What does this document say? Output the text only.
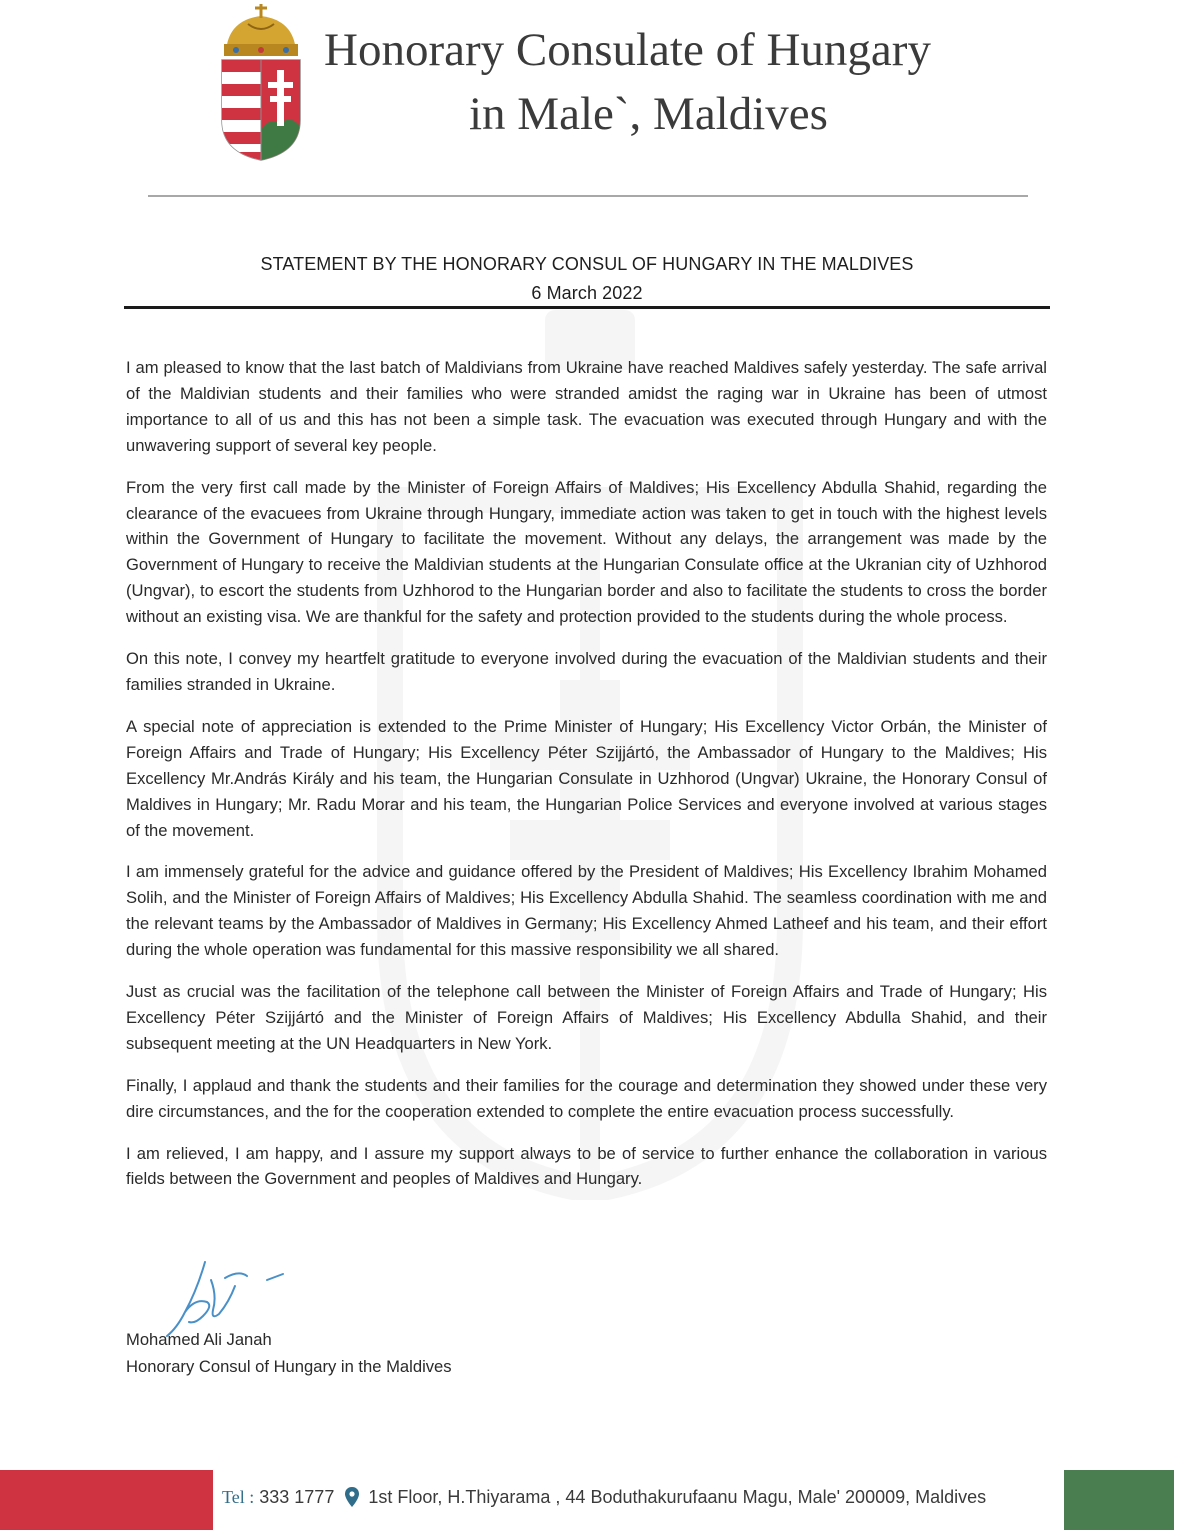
Honorary Consulate of Hungary
in Male`, Maldives
STATEMENT BY THE HONORARY CONSUL OF HUNGARY IN THE MALDIVES
6 March 2022

I am pleased to know that the last batch of Maldivians from Ukraine have reached Maldives safely yesterday. The safe arrival of the Maldivian students and their families who were stranded amidst the raging war in Ukraine has been of utmost importance to all of us and this has not been a simple task. The evacuation was executed through Hungary and with the unwavering support of several key people.

From the very first call made by the Minister of Foreign Affairs of Maldives; His Excellency Abdulla Shahid, regarding the clearance of the evacuees from Ukraine through Hungary, immediate action was taken to get in touch with the highest levels within the Government of Hungary to facilitate the movement. Without any delays, the arrangement was made by the Government of Hungary to receive the Maldivian students at the Hungarian Consulate office at the Ukranian city of Uzhhorod (Ungvar), to escort the students from Uzhhorod to the Hungarian border and also to facilitate the students to cross the border without an existing visa. We are thankful for the safety and protection provided to the students during the whole process.

On this note, I convey my heartfelt gratitude to everyone involved during the evacuation of the Maldivian students and their families stranded in Ukraine.

A special note of appreciation is extended to the Prime Minister of Hungary; His Excellency Victor Orbán, the Minister of Foreign Affairs and Trade of Hungary; His Excellency Péter Szijjártó, the Ambassador of Hungary to the Maldives; His Excellency Mr.András Király and his team, the Hungarian Consulate in Uzhhorod (Ungvar) Ukraine, the Honorary Consul of Maldives in Hungary; Mr. Radu Morar and his team, the Hungarian Police Services and everyone involved at various stages of the movement.

I am immensely grateful for the advice and guidance offered by the President of Maldives; His Excellency Ibrahim Mohamed Solih, and the Minister of Foreign Affairs of Maldives; His Excellency Abdulla Shahid. The seamless coordination with me and the relevant teams by the Ambassador of Maldives in Germany; His Excellency Ahmed Latheef and his team, and their effort during the whole operation was fundamental for this massive responsibility we all shared.

Just as crucial was the facilitation of the telephone call between the Minister of Foreign Affairs and Trade of Hungary; His Excellency Péter Szijjártó and the Minister of Foreign Affairs of Maldives; His Excellency Abdulla Shahid, and their subsequent meeting at the UN Headquarters in New York.

Finally, I applaud and thank the students and their families for the courage and determination they showed under these very dire circumstances, and the for the cooperation extended to complete the entire evacuation process successfully.

I am relieved, I am happy, and I assure my support always to be of service to further enhance the collaboration in various fields between the Government and peoples of Maldives and Hungary.

Mohamed Ali Janah
Honorary Consul of Hungary in the Maldives
Tel : 333 1777 1st Floor, H.Thiyarama , 44 Boduthakurufaanu Magu, Male' 200009, Maldives
